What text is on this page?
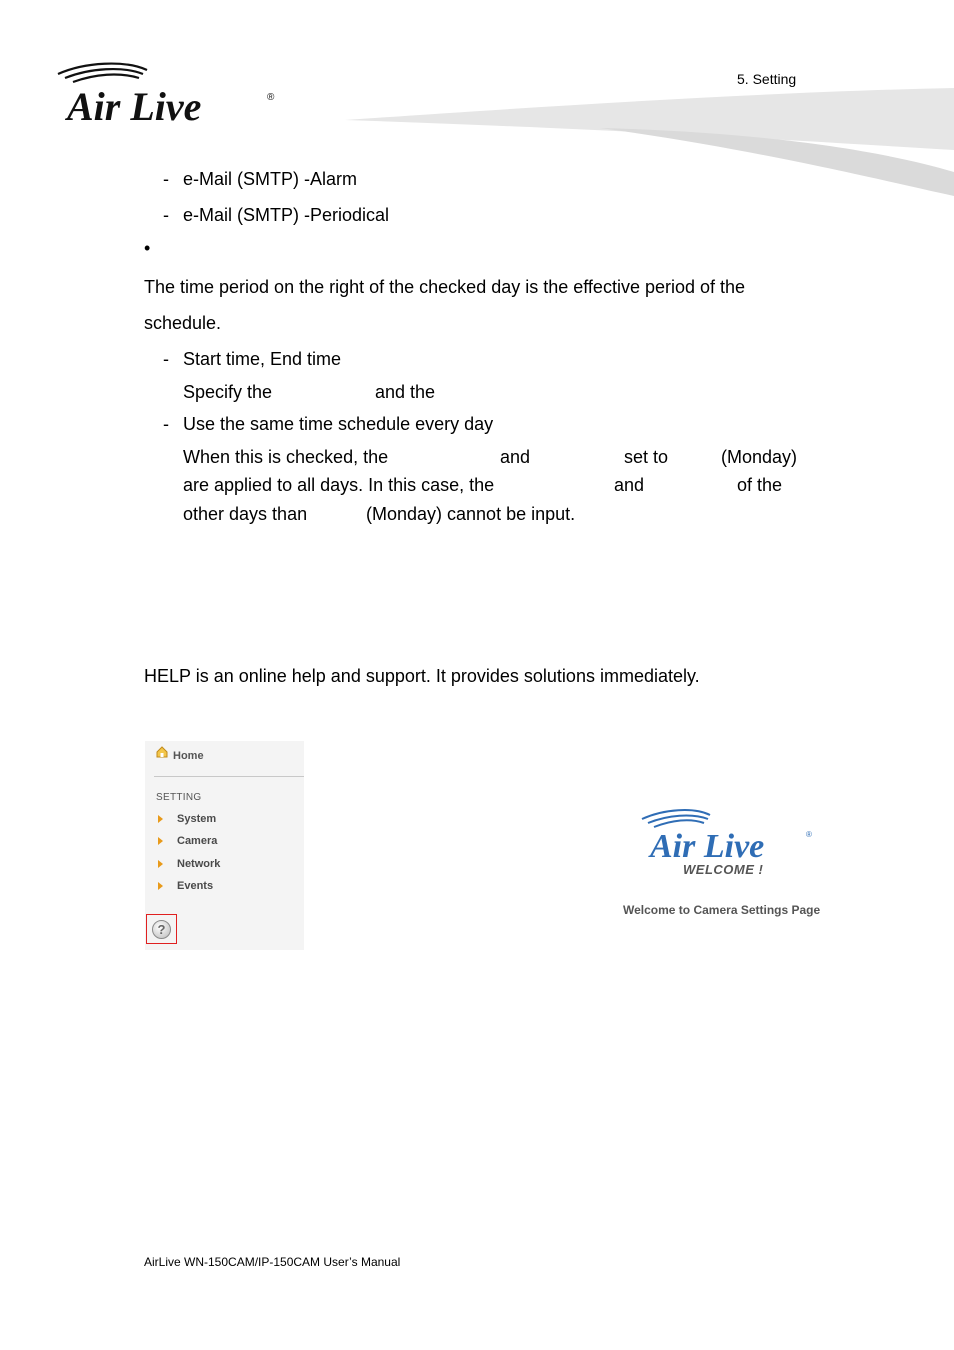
Air Live	®
5. Setting
- e-Mail (SMTP) -Alarm
- e-Mail (SMTP) -Periodical
•
The time period on the right of the checked day is the effective period of the
schedule.
- Start time, End time
Specify the	and the
- Use the same time schedule every day
When this is checked, the	and	set to	(Monday)
are applied to all days. In this case, the	and	of the
other days than	(Monday) cannot be input.
HELP is an online help and support. It provides solutions immediately.
Home
SETTING
System
Camera
Network
Events
?
Air Live	®
WELCOME !
Welcome to Camera Settings Page
AirLive WN-150CAM/IP-150CAM User’s Manual
